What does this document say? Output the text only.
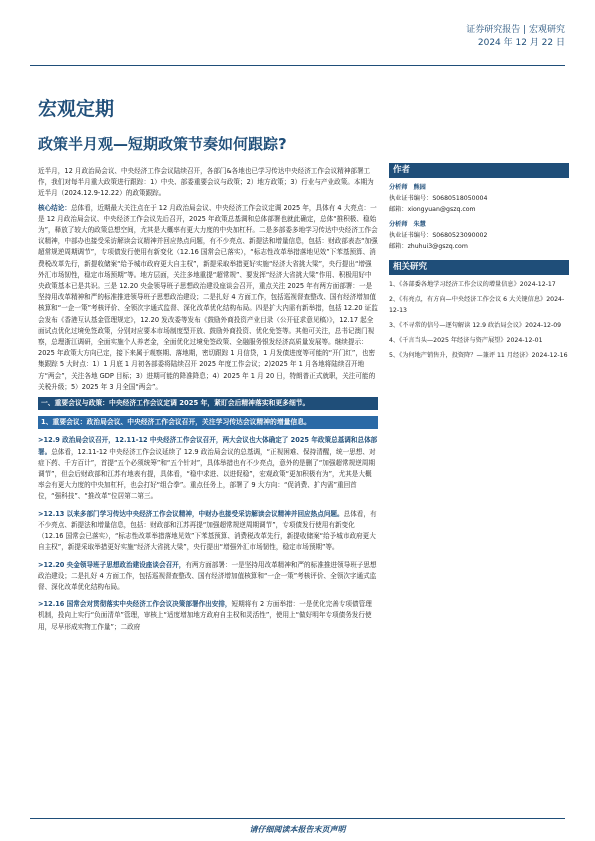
证券研究报告 | 宏观研究
2024 年 12 月 22 日
宏观定期
政策半月观—短期政策节奏如何跟踪?

近半月，12 月政治局会议、中央经济工作会议陆续召开，各部门&各地也已学习传达中央经济工作会议精神部署工作，我们对每半月重大政策进行跟踪：1）中央、部委重要会议与政策；2）地方政策；3）行业与产业政策。本期为近半月（2024.12.9-12.22）的政策跟踪。

核心结论：总体看，近期最大关注点在于 12 月政治局会议、中央经济工作会议定调 2025 年，具体有 4 大亮点：一是 12 月政治局会议、中央经济工作会议先后召开，2025 年政策总基调和总体部署也就此确定，总体“推积极、稳始为”，释放了较大的政策总想空间，尤其是大概率有更大力度的中央加杠杆。二是多部委多地学习传达中央经济工作会议精神，中部办也接受采访解读会议精神并回应热点问题，有不少亮点、新提法和增量信息，包括：财政部表态“加强超常规逆周期调节”，专项债发行使用有新变化（12.16 国常会已落实），“标志性改革举措落地见效”下苯基预算、消费税改革先行，新提收储案“给予城市政府更大自主权”，新提采取举措更好实施“经济大省挑大梁”，央行提出“增强外汇市场韧性，稳定市场预期”等。地方层面，关注多地重提“超常规”、要发挥“经济大省挑大梁”作用、积极用好中央政策基本已是共识。三是 12.20 央金领导班子思想政治建设座谈会召开，重点关注 2025 年有两方面部署：一是坚持用改革精神和严的标准推进领导班子思想政治建设；二是扎好 4 方面工作，包括巡视督查整改、国有经济增加值核算和“一企一策”考核评价、全领次字通式监督、深化改革优化结构布局。四是扩大内需有新举措，包括 12.20 证监会发布《香港互认基金管理规定》，12.20 发改委等发布《鼓励外商投资产业目录（公开征求意见稿）》，12.17 起全面试点优化过境免签政策，分别对应要本市场制度型开放、鼓励外商投资、优化免签等。其他可关注，总书记澳门视察，总理浙江调研，全面实施个人养老金，全面优化过境免签政策、全融服务银发经济高质量发展等。继续提示：2025 年政策大方向已定，接下来属于观察期、落地期，密切跟踪 1 月信贷，1 月发债进度等可能的“开门红”，也密集跟踪 5 大时点：1）1 月底 1 月初各部委将陆续召开 2025 年度工作会议；2)2025 年 1 月各地将陆续召开地方“两会”，关注各地 GDP 目标；3）进期可能的降准降息；4）2025 年 1 月 20 日，特朗普正式就职，关注可能的关税升级；5）2025 年 3 月全国“两会”。

一、重要会议与政策：中央经济工作会议定调 2025 年，紧盯会后精神落实和更多细节。

1、重要会议：政治局会议、中央经济工作会议召开，关注学习传达会议精神的增量信息。

>12.9 政治局会议召开，12.11-12 中央经济工作会议召开，两大会议也大体确定了 2025 年政策总基调和总体部署。总体看，12.11-12 中央经济工作会议延续了 12.9 政治局会议的总基调，“正视困难、保持清醒，统一思想、对症下药、千方百计”，首提“五个必须统筹”和“五个针对”，具体举措也有不少亮点，意外的是删了“加强超常规逆周期调节”，但会后财政部和江苏有地表有提，具体看，“稳中求进、以进促稳”，宏观政策“更加积极有为”，尤其是大概率会有更大力度的中央加杠杆，也会打好“组合拳”。重点任务上，部署了 9 大方向：“促消费、扩内需”重回首位，“强科技”、“推改革”位居第二第三。

>12.13 以来多部门学习传达中央经济工作会议精神，中财办也接受采访解读会议精神并回应热点问题。总体看，有不少亮点、新提法和增量信息，包括：财政部和江苏再提“加强超常规逆周期调节”，专项债发行使用有新变化（12.16 国常会已落实），“标志性改革举措落地见效”下苯基预算、消费税改革先行，新提收储案“给予城市政府更大自主权”，新提采取举措更好实施“经济大省挑大梁”，央行提出“增强外汇市场韧性，稳定市场预期”等。

>12.20 央金领导班子思想政治建设座谈会召开，有两方面部署：一是坚持用改革精神和严的标准推进领导班子思想政治建设；二是扎好 4 方面工作，包括巡视督查整改、国有经济增加值核算和“一企一策”考核评价、全领次字通式监督、深化改革优化结构布局。

>12.16 国常会对贯彻落实中央经济工作会议决策部署作出安排，短期将有 2 方面举措：一是优化完善专项债管理机制，投向上实行“负面清单”管理，审核上“适度增加地方政府自主权和灵活性”，使用上“做好明年专项债务发行使用，尽早形成实物工作量”；二政府

作者
分析师 熊园
执业证书编号：S0680518050004
邮箱：xiongyuan@gszq.com
分析师 朱慧
执业证书编号：S0680523090002
邮箱：zhuhui3@gszq.com
相关研究
1、《各部委各地学习经济工作会议的增量信息》2024-12-17
2、《有亮点，有方向—中央经济工作会议 6 大关键信息》2024-12-13
3、《不寻常的信号—逐句解读 12.9 政治局会议》2024-12-09
4、《千言当头—2025 年经济与资产展望》2024-12-01
5、《为何地产销售升，投资降？—兼评 11 月经济》2024-12-16
请仔细阅读本报告末页声明
